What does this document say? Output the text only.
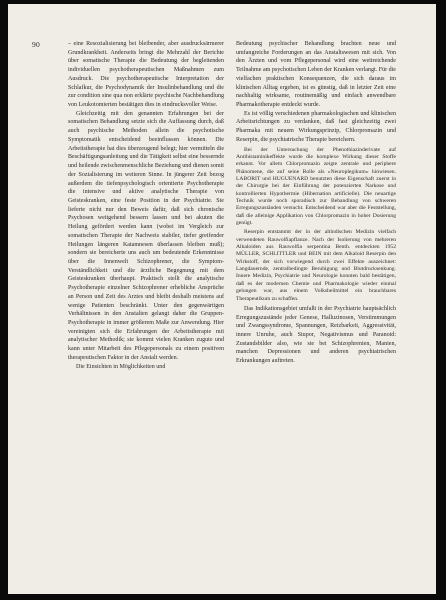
90	– eine Resozialisierung bei bleibender, aber ausdrucksärmerer Grundkrankheit. Anderseits bringt die Mehrzahl der Berichte über somatische Therapie die Bedeutung der begleitenden individuellen psychotherapeutischen Maßnahmen zum Ausdruck. Die psychotherapeutische Interpretation der Schlafkur, die Psychodynamik der Insulinbehandlung und die zur condition sine qua non erklärte psychische Nachbehandlung von Leukotomierten bestätigen dies in eindrucksvoller Weise.

Gleichzeitig mit den genannten Erfahrungen bei der somatischen Behandlung setzte sich die Auffassung durch, daß auch psychische Methoden allein die psychotische Symptomatik entscheidend beeinflussen können. Die Arbeitstherapie hat dies überzeugend belegt; hier vermitteln die Beschäftigungsanleitung und die Tätigkeit selbst eine bessernde und heilende zwischenmenschliche Beziehung und dienen somit der Sozialisierung im weiteren Sinne. In jüngerer Zeit bezog außerdem die tiefenpsychologisch orientierte Psychotherapie die intensive und aktive analytische Therapie von Geisteskranken, eine feste Position in der Psychiatrie. Sie lieferte nicht nur den Beweis dafür, daß sich chronische Psychosen weitgehend bessern lassen und bei akuten die Heilung gefördert werden kann (wobei im Vergleich zur somatischen Therapie der Nachweis stabiler, tiefer greifender Heilungen längeren Katamnesen überlassen bleiben muß); sondern sie bereicherte uns auch um bedeutende Erkenntnisse über die Innenwelt Schizophrener, die Symptom-Verständlichkeit und die ärztliche Begegnung mit dem Geisteskranken überhaupt. Praktisch stellt die analytische Psychotherapie einzelner Schizophrener erhebliche Ansprüche an Person und Zeit des Arztes und bleibt deshalb meistens auf wenige Patienten beschränkt. Unter den gegenwärtigen Verhältnissen in den Anstalten gelangt daher die Gruppen-Psychotherapie in immer größerem Maße zur Anwendung. Hier vereinigten sich die Erfahrungen der Arbeitstherapie mit analytischer Methodik; sie kommt vielen Kranken zugute und kann unter Mitarbeit des Pflegepersonals zu einem positiven therapeutischen Faktor in der Anstalt werden.

Die Einsichten in Möglichkeiten und

Bedeutung psychischer Behandlung brachten neue und umfangreiche Forderungen an das Anstaltswesen mit sich. Von den Ärzten und vom Pflegepersonal wird eine weitreichende Teilnahme am psychotischen Leben der Kranken verlangt. Für die vielfachen praktischen Konsequenzen, die sich daraus im klinischen Alltag ergeben, ist es günstig, daß in letzter Zeit eine nachhaltig wirksame, routinemäßig und einfach anwendbare Pharmakotherapie entdeckt wurde.

Es ist völlig verschiedenen pharmakologischen und klinischen Arbeitsrichtungen zu verdanken, daß fast gleichzeitig zwei Pharmaka mit neuem Wirkungsprinzip, Chlorpromazin und Reserpin, die psychiatrische Therapie bereichern.

Bei der Untersuchung der Phenothiazinderivate auf Antihistaminikeffekte wurde die komplexe Wirkung dieser Stoffe erkannt. Vor allem Chlorpromazin zeigte zentrale und periphere Phänomene, die auf seine Rolle als »Neuroplegikum« hinwiesen. LABORIT und HUGUENARD benutzten diese Eigenschaft zuerst in der Chirurgie bei der Einführung der potenzierten Narkose und kontrollierten Hypothermie (Hibernation artificielle). Die neuartige Technik wurde noch sporadisch zur Behandlung von schweren Erregungszuständen versucht. Entscheidend war aber die Feststellung, daß die alleinige Applikation von Chlorpromazin in hoher Dosierung genügt.

Reserpin entstammt der in der altindischen Medizin vielfach verwendeten Rauwolfiapflanze. Nach der Isolierung von mehreren Alkaloiden aus Rauwolfia serpentina Benth. entdeckten 1952 MÜLLER, SCHLITTLER und BEIN mit dem Alkaloid Reserpin den Wirkstoff, der sich vorwiegend durch zwei Effekte auszeichnet: Langdauernde, zentralbedingte Beruhigung und Blutdrucksenkung. Innere Medizin, Psychiatrie und Neurologie konnten bald bestätigen, daß es der modernen Chemie und Pharmakologie wieder einmal gelungen war, aus einem Volksheilmittel ein brauchbares Therapeutikum zu schaffen.

Das Indikationsgebiet umfaßt in der Psychiatrie hauptsächlich Erregungszustände jeder Genese, Halluzinosen, Verstimmungen und Zwangssyndrome, Spannungen, Reizbarkeit, Aggressivität, innere Unruhe, auch Stupor, Negativismus und Paranoid: Zustandsbilder also, wie sie bei Schizophrenien, Manien, manchen Depressionen und anderen psychiatrischen Erkrankungen auftreten.
